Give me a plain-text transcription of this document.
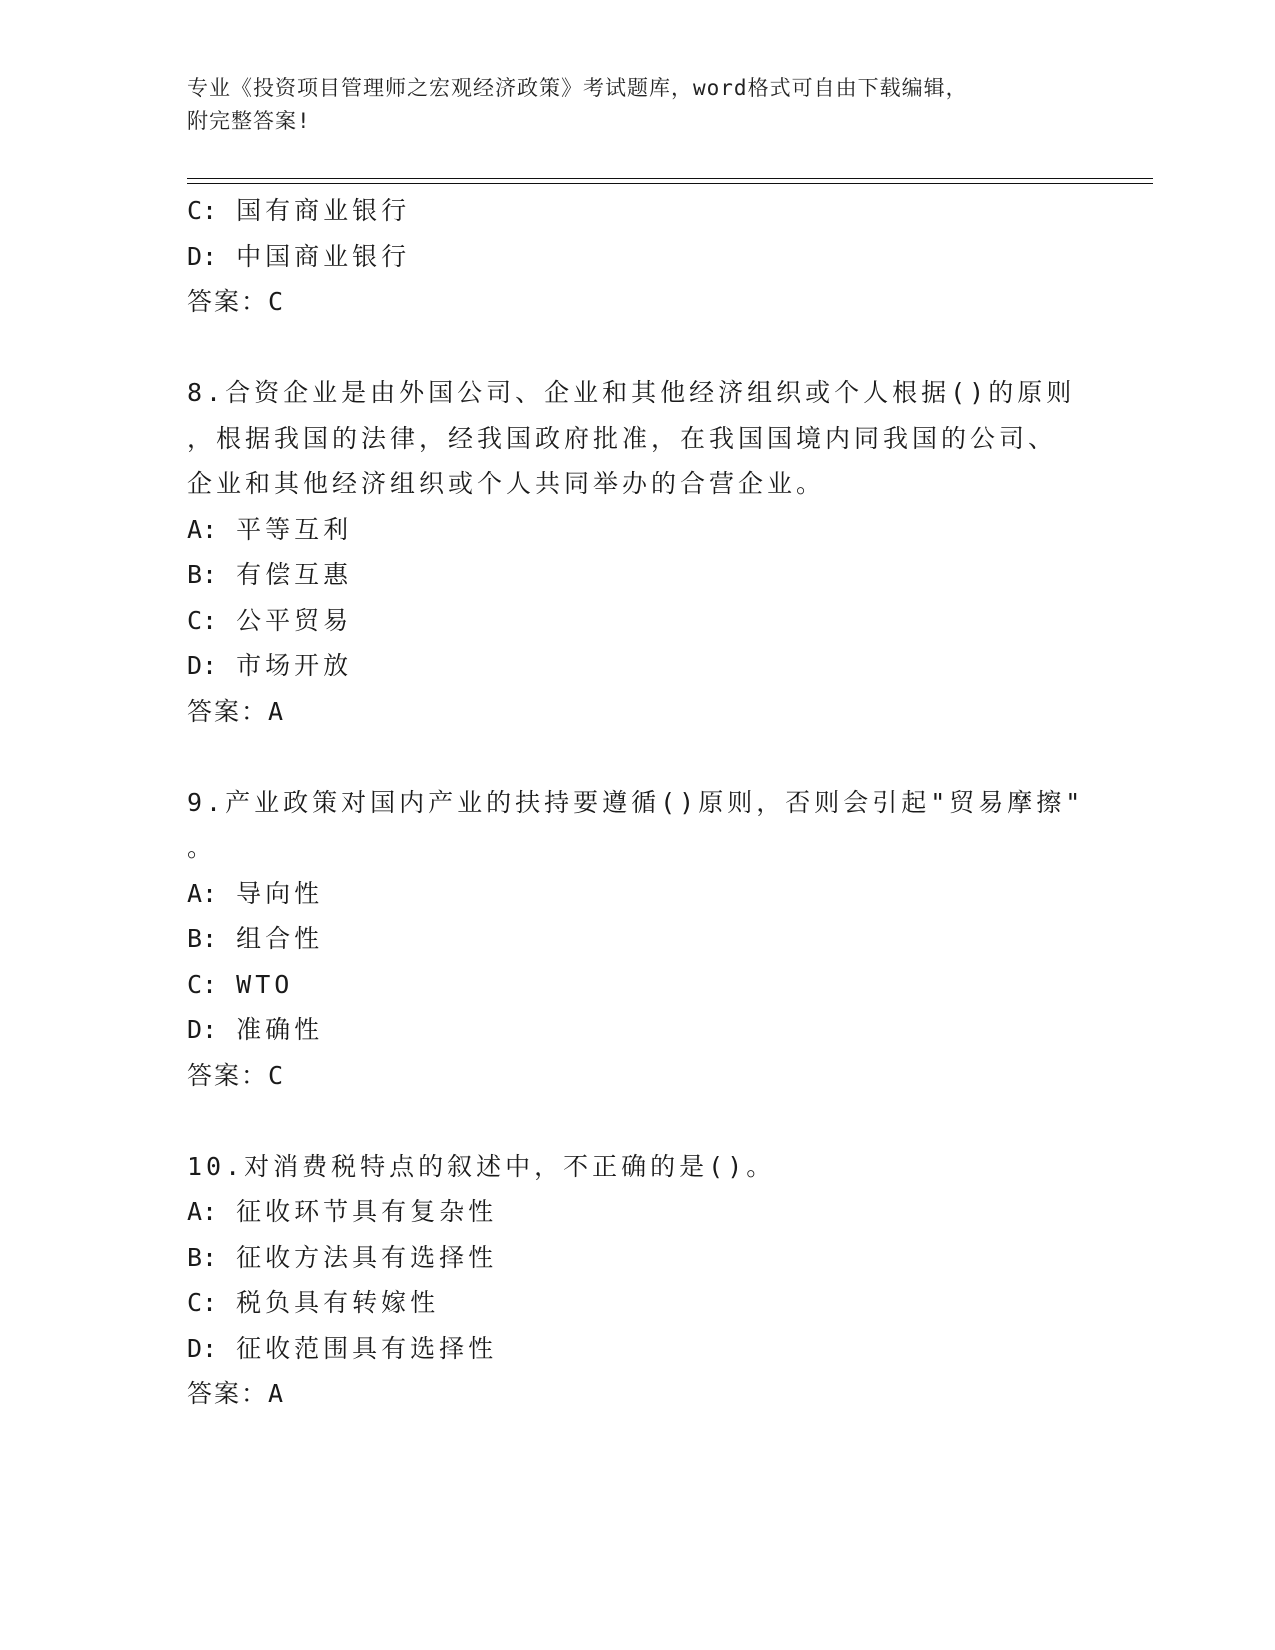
专业《投资项目管理师之宏观经济政策》考试题库，word格式可自由下载编辑，
附完整答案!
C: 国有商业银行
D: 中国商业银行
答案：C
8.合资企业是由外国公司、企业和其他经济组织或个人根据()的原则
，根据我国的法律，经我国政府批准，在我国国境内同我国的公司、
企业和其他经济组织或个人共同举办的合营企业。
A: 平等互利
B: 有偿互惠
C: 公平贸易
D: 市场开放
答案：A
9.产业政策对国内产业的扶持要遵循()原则，否则会引起"贸易摩擦"
。
A: 导向性
B: 组合性
C: WTO
D: 准确性
答案：C
10.对消费税特点的叙述中，不正确的是()。
A: 征收环节具有复杂性
B: 征收方法具有选择性
C: 税负具有转嫁性
D: 征收范围具有选择性
答案：A
